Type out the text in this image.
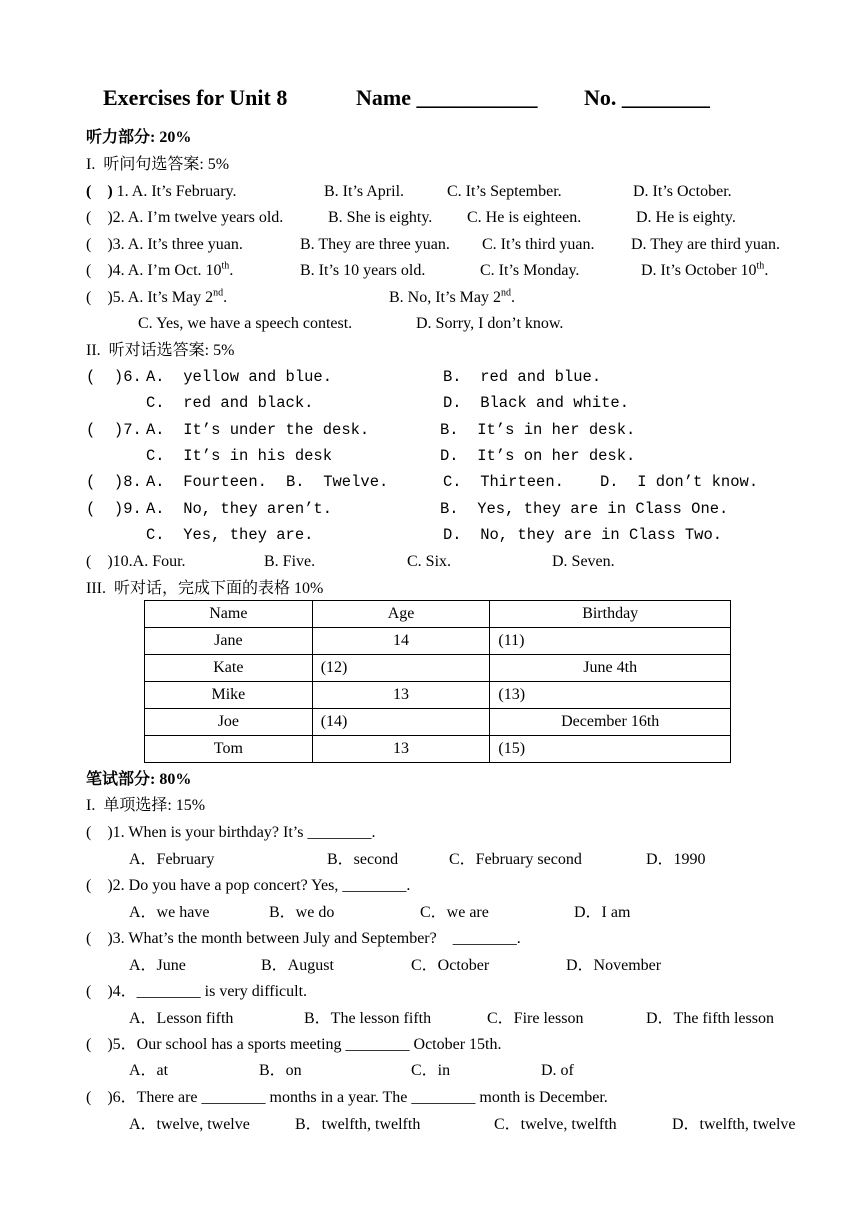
Exercises for Unit 8	Name ___________ No. ________
听力部分: 20%
I.  听问句选答案: 5%
(    ) 1. A. It’s February.	B. It’s April.	C. It’s September.	D. It’s October.
(    )2. A. I’m twelve years old.	B. She is eighty. C. He is eighteen.	D. He is eighty.
(    )3. A. It’s three yuan.	B. They are three yuan. C. It’s third yuan. D. They are third yuan.
(    )4. A. I’m Oct. 10th.	B. It’s 10 years old.	C. It’s Monday.	D. It’s October 10th.
(    )5. A. It’s May 2nd.	B. No, It’s May 2nd.
C. Yes, we have a speech contest.	D. Sorry, I don’t know.
II.  听对话选答案: 5%
(  )6. A.  yellow and blue.	B.  red and blue.
C.  red and black.	D.  Black and white.
(  )7. A.  It’s under the desk.	B.  It’s in her desk.
C.  It’s in his desk	D.  It’s on her desk.
(  )8. A.  Fourteen. B.  Twelve.	C.  Thirteen. D.  I don’t know.
(  )9. A.  No, they aren’t.	B.  Yes, they are in Class One.
C.  Yes, they are.	D.  No, they are in Class Two.
(    )10.A. Four.	B. Five.	C. Six.	D. Seven.
III.  听对话，完成下面的表格 10%
Name	Age	Birthday
Jane	14	(11)
Kate	(12)	June 4th
Mike	13	(13)
Joe	(14)	December 16th
Tom	13	(15)
笔试部分: 80%
I.  单项选择: 15%
(    )1. When is your birthday? It’s ________.
A．February	B．second	C．February second	D．1990
(    )2. Do you have a pop concert? Yes, ________.
A．we have	B．we do	C．we are	D．I am
(    )3. What’s the month between July and September?    ________.
A．June	B．August	C．October	D．November
(    )4．________ is very difficult.
A．Lesson fifth	B．The lesson fifth	C．Fire lesson	D．The fifth lesson
(    )5．Our school has a sports meeting ________ October 15th.
A．at	B．on	C．in	D. of
(    )6．There are ________ months in a year. The ________ month is December.
A．twelve, twelve	B．twelfth, twelfth	C．twelve, twelfth	D．twelfth, twelve
